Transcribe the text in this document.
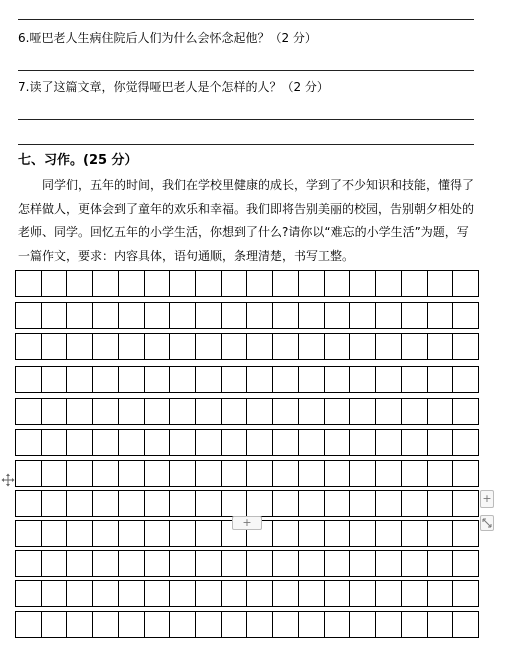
6.哑巴老人生病住院后人们为什么会怀念起他？（2 分）
7.读了这篇文章，你觉得哑巴老人是个怎样的人？（2 分）
七、习作。(25 分）

同学们，五年的时间，我们在学校里健康的成长，学到了不少知识和技能，懂得了怎样做人，更体会到了童年的欢乐和幸福。我们即将告别美丽的校园，告别朝夕相处的老师、同学。回忆五年的小学生活，你想到了什么?请你以“难忘的小学生活”为题，写一篇作文，要求：内容具体，语句通顺，条理清楚，书写工整。

+
+
